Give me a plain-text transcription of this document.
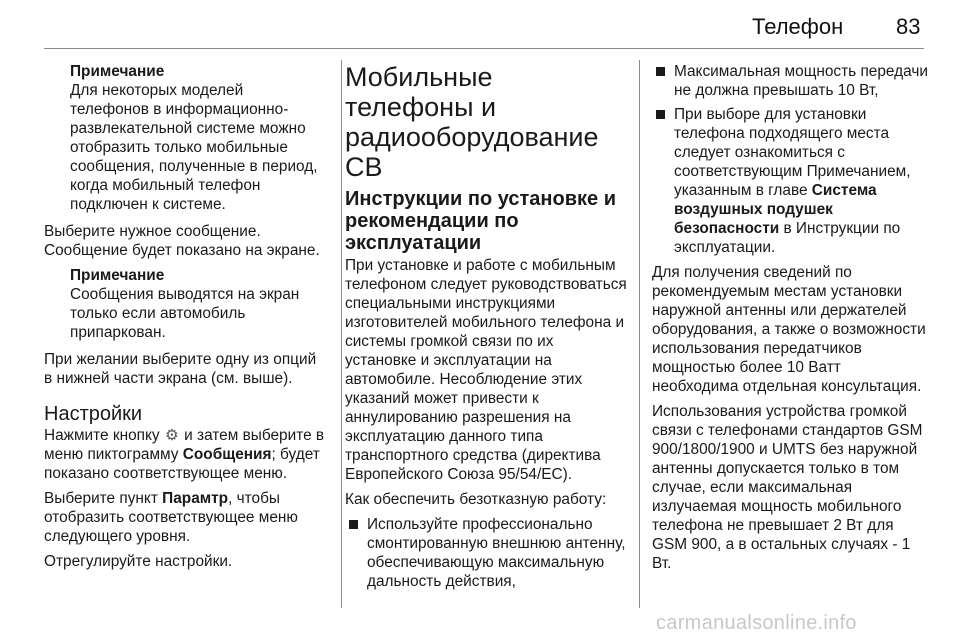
Телефон 83
Примечание
Для некоторых моделей телефонов в информационно-развлекательной системе можно отобразить только мобильные сообщения, полученные в период, когда мобильный телефон подключен к системе.

Выберите нужное сообщение. Сообщение будет показано на экране.

Примечание
Сообщения выводятся на экран только если автомобиль припаркован.

При желании выберите одну из опций в нижней части экрана (см. выше).

Настройки

Нажмите кнопку ⚙ и затем выберите в меню пиктограмму Сообщения; будет показано соответствующее меню.

Выберите пункт Парамтр, чтобы отобразить соответствующее меню следующего уровня.

Отрегулируйте настройки.

Мобильные телефоны и радиооборудование CB
Инструкции по установке и рекомендации по эксплуатации

При установке и работе с мобильным телефоном следует руководствоваться специальными инструкциями изготовителей мобильного телефона и системы громкой связи по их установке и эксплуатации на автомобиле. Несоблюдение этих указаний может привести к аннулированию разрешения на эксплуатацию данного типа транспортного средства (директива Европейского Союза 95/54/EC).

Как обеспечить безотказную работу:

Используйте профессионально смонтированную внешнюю антенну, обеспечивающую максимальную дальность действия,
Максимальная мощность передачи не должна превышать 10 Вт,
При выборе для установки телефона подходящего места следует ознакомиться с соответствующим Примечанием, указанным в главе Система воздушных подушек безопасности в Инструкции по эксплуатации.

Для получения сведений по рекомендуемым местам установки наружной антенны или держателей оборудования, а также о возможности использования передатчиков мощностью более 10 Ватт необходима отдельная консультация.

Использования устройства громкой связи с телефонами стандартов GSM 900/1800/1900 и UMTS без наружной антенны допускается только в том случае, если максимальная излучаемая мощность мобильного телефона не превышает 2 Вт для GSM 900, а в остальных случаях - 1 Вт.

carmanualsonline.info
